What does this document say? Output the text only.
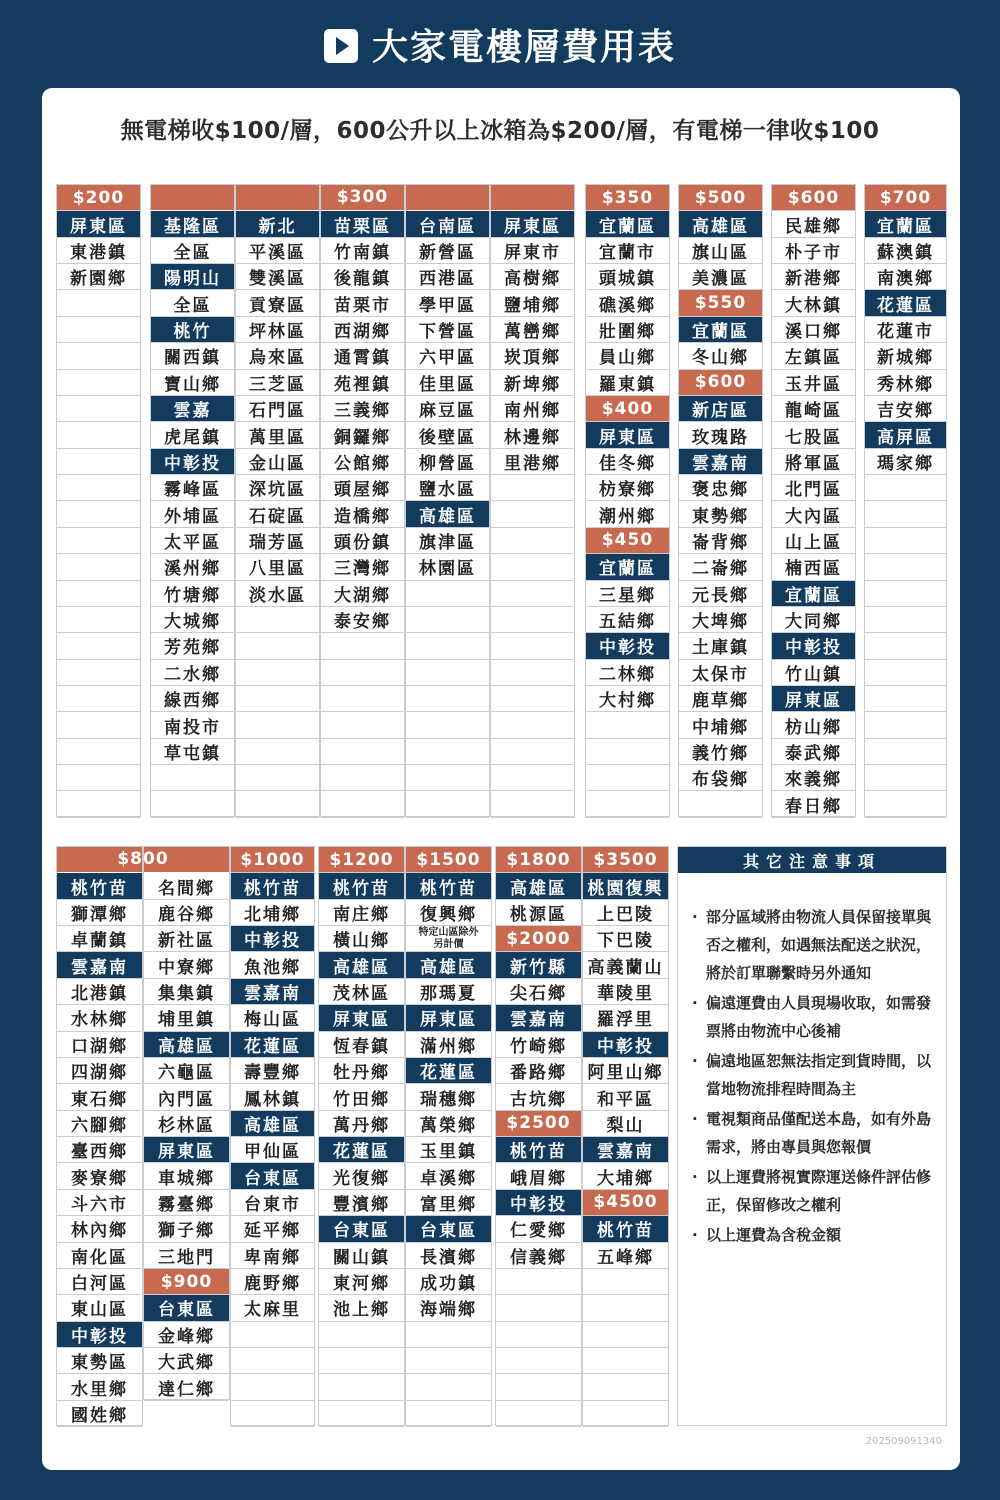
大家電樓層費用表
無電梯收$100/層，600公升以上冰箱為$200/層，有電梯一律收$100
$300
$200
屏東區
東港鎮
新園鄉
基隆區
全區
陽明山
全區
桃竹
關西鎮
寶山鄉
雲嘉
虎尾鎮
中彰投
霧峰區
外埔區
太平區
溪州鄉
竹塘鄉
大城鄉
芳苑鄉
二水鄉
線西鄉
南投市
草屯鎮
新北
平溪區
雙溪區
貢寮區
坪林區
烏來區
三芝區
石門區
萬里區
金山區
深坑區
石碇區
瑞芳區
八里區
淡水區
苗栗區
竹南鎮
後龍鎮
苗栗市
西湖鄉
通霄鎮
苑裡鎮
三義鄉
銅鑼鄉
公館鄉
頭屋鄉
造橋鄉
頭份鎮
三灣鄉
大湖鄉
泰安鄉
台南區
新營區
西港區
學甲區
下營區
六甲區
佳里區
麻豆區
後壁區
柳營區
鹽水區
高雄區
旗津區
林園區
屏東區
屏東市
高樹鄉
鹽埔鄉
萬巒鄉
崁頂鄉
新埤鄉
南州鄉
林邊鄉
里港鄉
$350
宜蘭區
宜蘭市
頭城鎮
礁溪鄉
壯圍鄉
員山鄉
羅東鎮
$400
屏東區
佳冬鄉
枋寮鄉
潮州鄉
$450
宜蘭區
三星鄉
五結鄉
中彰投
二林鄉
大村鄉
$500
高雄區
旗山區
美濃區
$550
宜蘭區
冬山鄉
$600
新店區
玫瑰路
雲嘉南
褒忠鄉
東勢鄉
崙背鄉
二崙鄉
元長鄉
大埤鄉
土庫鎮
太保市
鹿草鄉
中埔鄉
義竹鄉
布袋鄉
$600
民雄鄉
朴子市
新港鄉
大林鎮
溪口鄉
左鎮區
玉井區
龍崎區
七股區
將軍區
北門區
大內區
山上區
楠西區
宜蘭區
大同鄉
中彰投
竹山鎮
屏東區
枋山鄉
泰武鄉
來義鄉
春日鄉
$700
宜蘭區
蘇澳鎮
南澳鄉
花蓮區
花蓮市
新城鄉
秀林鄉
吉安鄉
高屏區
瑪家鄉
$800
桃竹苗
獅潭鄉
卓蘭鎮
雲嘉南
北港鎮
水林鄉
口湖鄉
四湖鄉
東石鄉
六腳鄉
臺西鄉
麥寮鄉
斗六市
林內鄉
南化區
白河區
東山區
中彰投
東勢區
水里鄉
國姓鄉
名間鄉
鹿谷鄉
新社區
中寮鄉
集集鎮
埔里鎮
高雄區
六龜區
內門區
杉林區
屏東區
車城鄉
霧臺鄉
獅子鄉
三地門
$900
台東區
金峰鄉
大武鄉
達仁鄉
$1000
桃竹苗
北埔鄉
中彰投
魚池鄉
雲嘉南
梅山區
花蓮區
壽豐鄉
鳳林鎮
高雄區
甲仙區
台東區
台東市
延平鄉
卑南鄉
鹿野鄉
太麻里
$1200
桃竹苗
南庄鄉
橫山鄉
高雄區
茂林區
屏東區
恆春鎮
牡丹鄉
竹田鄉
萬丹鄉
花蓮區
光復鄉
豐濱鄉
台東區
關山鎮
東河鄉
池上鄉
$1500
桃竹苗
復興鄉
特定山區除外
另計價
高雄區
那瑪夏
屏東區
滿州鄉
花蓮區
瑞穗鄉
萬榮鄉
玉里鎮
卓溪鄉
富里鄉
台東區
長濱鄉
成功鎮
海端鄉
$1800
高雄區
桃源區
$2000
新竹縣
尖石鄉
雲嘉南
竹崎鄉
番路鄉
古坑鄉
$2500
桃竹苗
峨眉鄉
中彰投
仁愛鄉
信義鄉
$3500
桃園復興
上巴陵
下巴陵
高義蘭山
華陵里
羅浮里
中彰投
阿里山鄉
和平區
梨山
雲嘉南
大埔鄉
$4500
桃竹苗
五峰鄉
其它注意事項
· 部分區域將由物流人員保留接單與否之權利，如遇無法配送之狀況，將於訂單聯繫時另外通知
· 偏遠運費由人員現場收取，如需發票將由物流中心後補
· 偏遠地區恕無法指定到貨時間，以當地物流排程時間為主
· 電視類商品僅配送本島，如有外島需求，將由專員與您報價
· 以上運費將視實際運送條件評估修正，保留修改之權利
· 以上運費為含稅金額
202509091340
